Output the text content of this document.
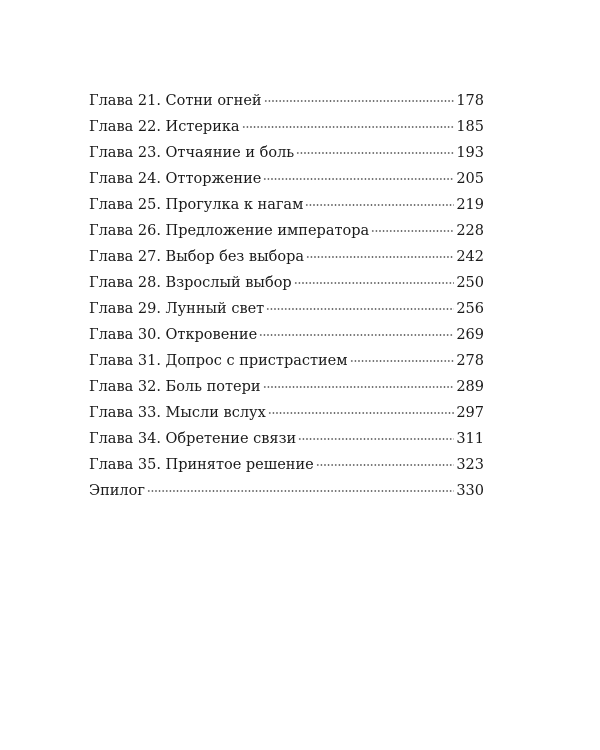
Глава 21. Сотни огней	178
Глава 22. Истерика	185
Глава 23. Отчаяние и боль	193
Глава 24. Отторжение	205
Глава 25. Прогулка к нагам	219
Глава 26. Предложение императора	228
Глава 27. Выбор без выбора	242
Глава 28. Взрослый выбор	250
Глава 29. Лунный свет	256
Глава 30. Откровение	269
Глава 31. Допрос с пристрастием	278
Глава 32. Боль потери	289
Глава 33. Мысли вслух	297
Глава 34. Обретение связи	311
Глава 35. Принятое решение	323
Эпилог	330
